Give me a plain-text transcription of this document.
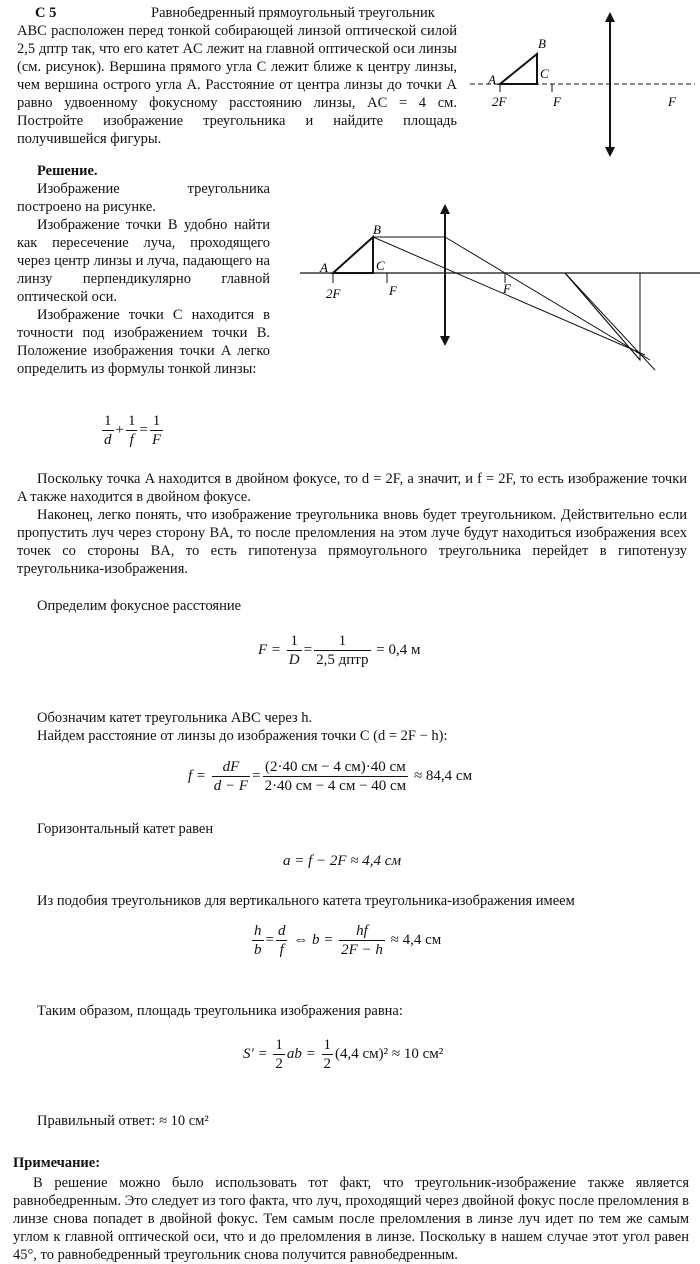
С 5	Равнобедренный прямоугольный треугольник
ABC расположен перед тонкой собирающей линзой оптической силой 2,5 дптр так, что его катет AC лежит на главной оптической оси линзы (см. рисунок). Вершина прямого угла C лежит ближе к центру линзы, чем вершина острого угла A. Расстояние от центра линзы до точки A равно удвоенному фокусному расстоянию линзы, AC = 4 см. Постройте изображение треугольника и найдите площадь получившейся фигуры.
A
B
C
2F	F	F
Решение.
Изображение треугольника построено на рисунке.
Изображение точки B удобно найти как пересечение луча, проходящего через центр линзы и луча, падающего на линзу перпендикулярно главной оптической оси.
Изображение точки C находится в точности под изображением точки B. Положение изображения точки A легко определить из формулы тонкой линзы:
A
B
C
2F	F	F
$\frac{1}{d} + \frac{1}{f} = \frac{1}{F}$
Поскольку точка A находится в двойном фокусе, то d = 2F, а значит, и f = 2F, то есть изображение точки A также находится в двойном фокусе.
Наконец, легко понять, что изображение треугольника вновь будет треугольником. Действительно если пропустить луч через сторону BA, то после преломления на этом луче будут находиться изображения всех точек со стороны BA, то есть гипотенуза прямоугольного треугольника перейдет в гипотенузу треугольника-изображения.
Определим фокусное расстояние
$F = \frac{1}{D}$ =
1
2,5 дптр
= 0,4 м
Обозначим катет треугольника ABC через h.
Найдем расстояние от линзы до изображения точки C (d = 2F − h):
$f = \frac{dF}{d - F}$ =
(2·40 см − 4 см)·40 см
2·40 см − 4 см − 40 см
≈ 84,4 см
Горизонтальный катет равен
a = f − 2F ≈ 4,4 см
Из подобия треугольников для вертикального катета треугольника-изображения имеем
$\frac{h}{b} = \frac{d}{f}$ ⇔ $b = \frac{hf}{2F - h} \approx 4,4$ см
Таким образом, площадь треугольника изображения равна:
$S' = \frac{1}{2}$ ab = $\frac{1}{2} (4,4$ см)² ≈ 10 см²
Правильный ответ: ≈ 10 см²
Примечание:
В решение можно было использовать тот факт, что треугольник-изображение также является равнобедренным. Это следует из того факта, что луч, проходящий через двойной фокус после преломления в линзе снова попадет в двойной фокус. Тем самым после преломления в линзе луч идет по тем же самым углом к главной оптической оси, что и до преломления в линзе. Поскольку в нашем случае этот угол равен 45°, то равнобедренный треугольник снова получится равнобедренным.
